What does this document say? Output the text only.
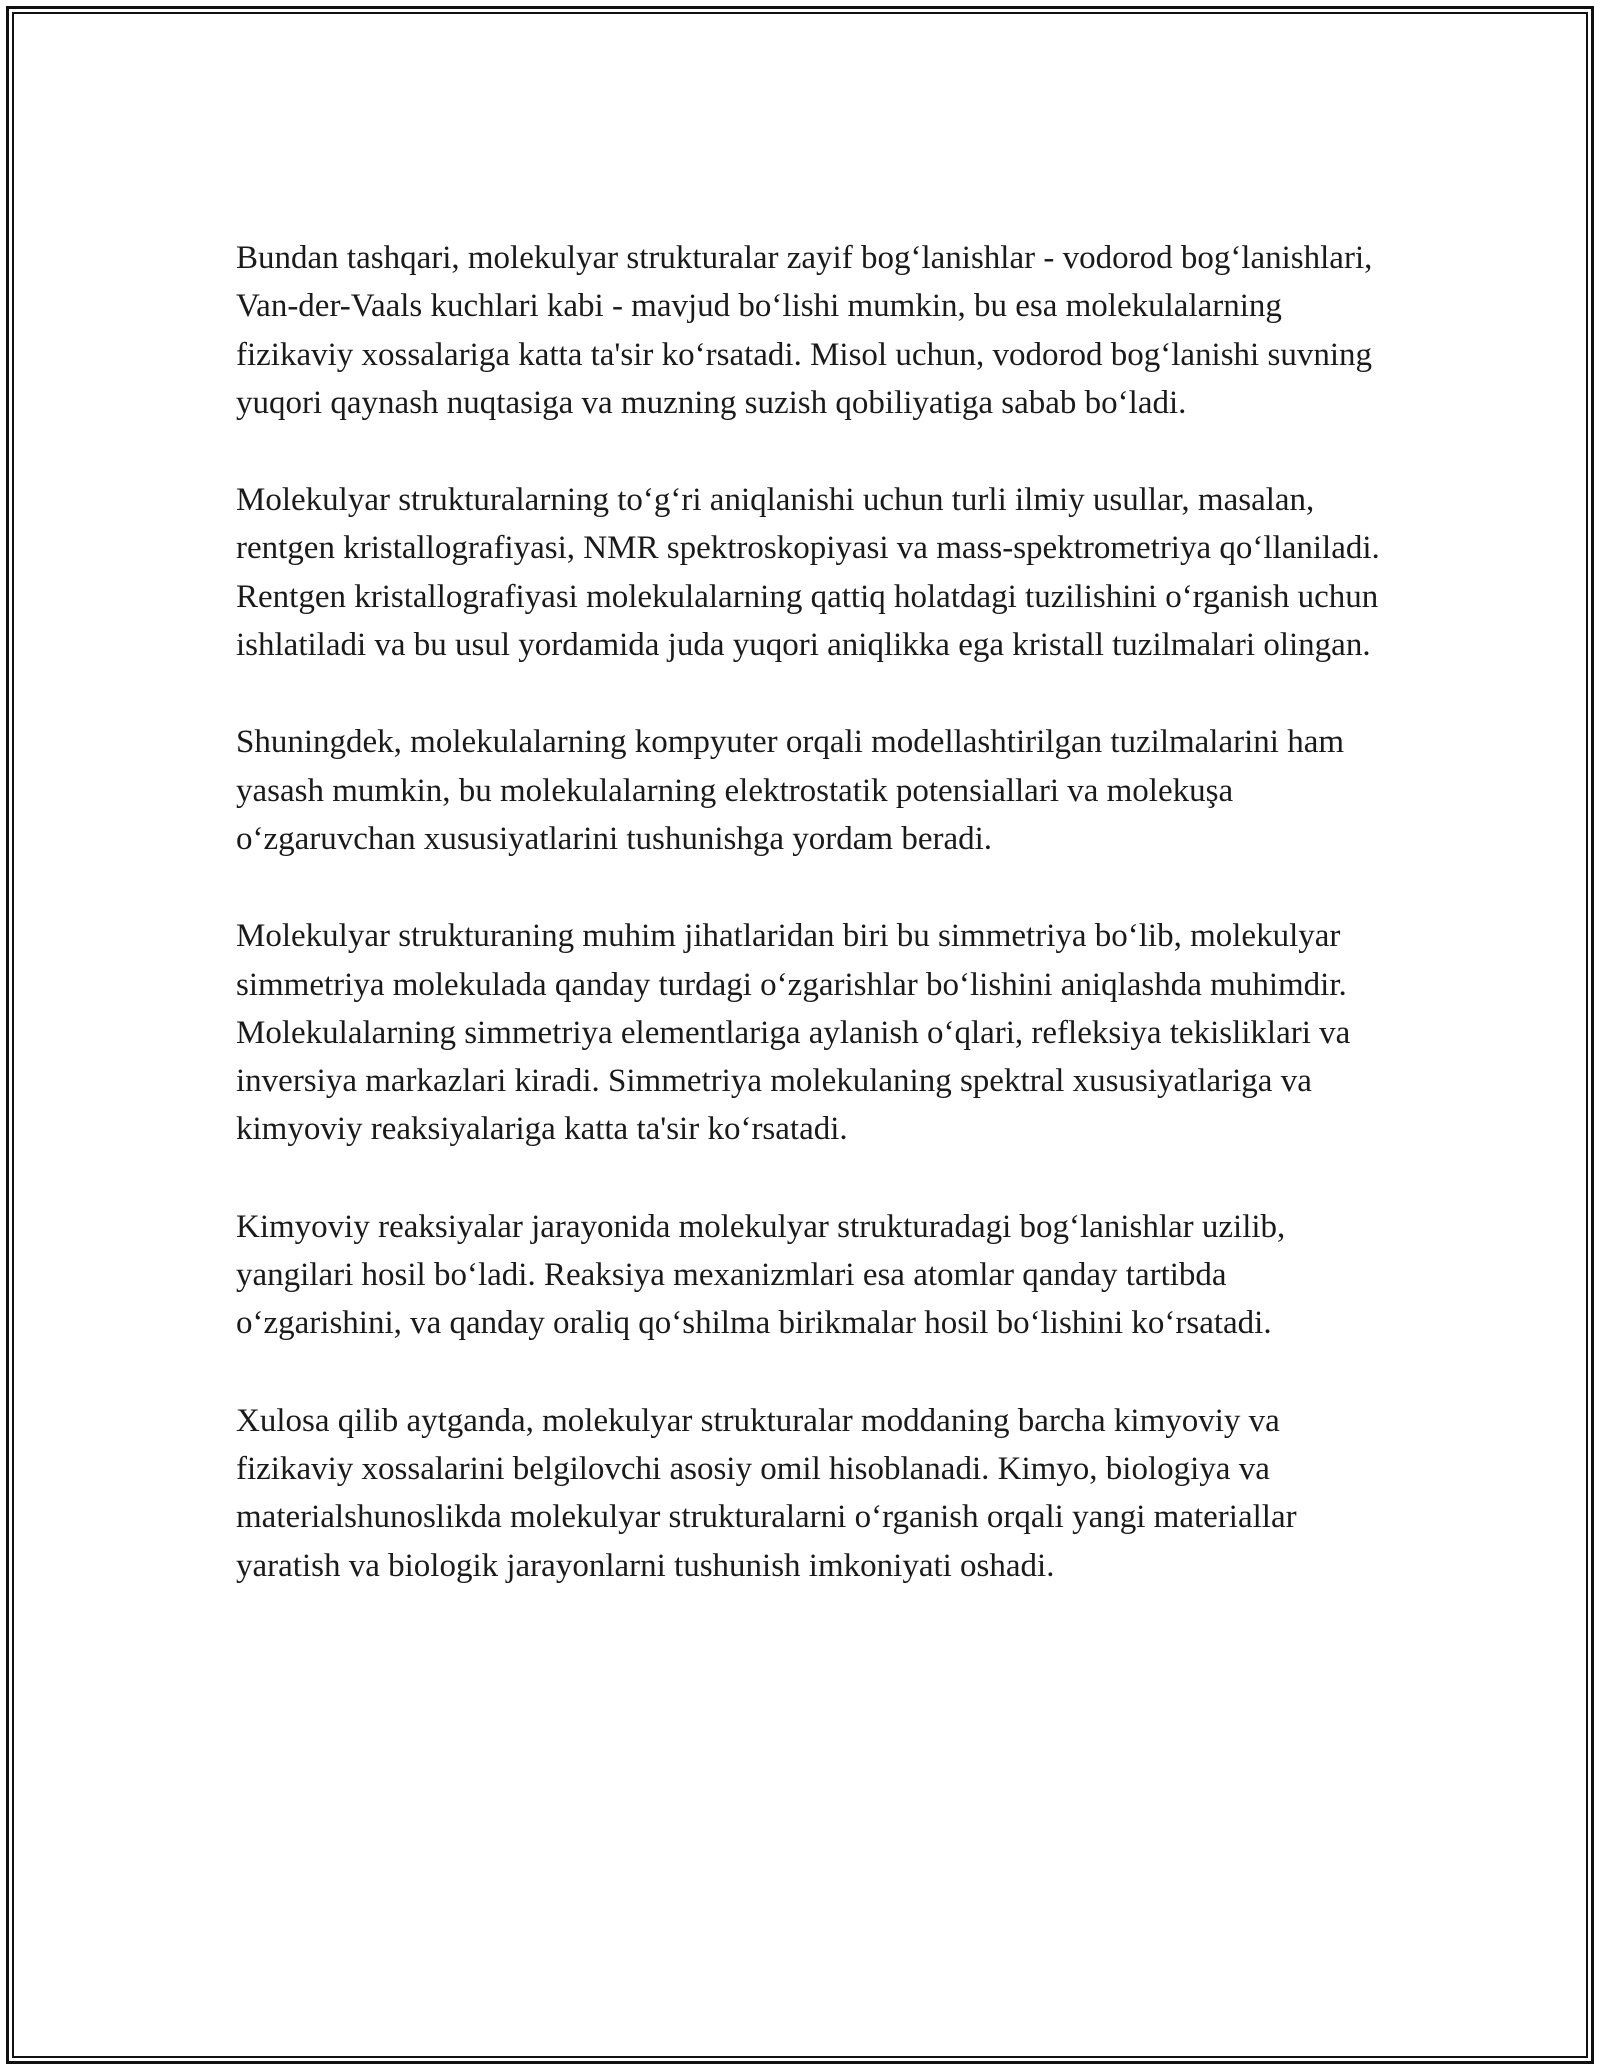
Bundan tashqari, molekulyar strukturalar zayif bog‘lanishlar - vodorod bog‘lanishlari, Van-der-Vaals kuchlari kabi - mavjud bo‘lishi mumkin, bu esa molekulalarning fizikaviy xossalariga katta ta'sir ko‘rsatadi. Misol uchun, vodorod bog‘lanishi suvning yuqori qaynash nuqtasiga va muzning suzish qobiliyatiga sabab bo‘ladi.

Molekulyar strukturalarning to‘g‘ri aniqlanishi uchun turli ilmiy usullar, masalan, rentgen kristallografiyasi, NMR spektroskopiyasi va mass-spektrometriya qo‘llaniladi. Rentgen kristallografiyasi molekulalarning qattiq holatdagi tuzilishini o‘rganish uchun ishlatiladi va bu usul yordamida juda yuqori aniqlikka ega kristall tuzilmalari olingan.

Shuningdek, molekulalarning kompyuter orqali modellashtirilgan tuzilmalarini ham yasash mumkin, bu molekulalarning elektrostatik potensiallari va molekuşa o‘zgaruvchan xususiyatlarini tushunishga yordam beradi.

Molekulyar strukturaning muhim jihatlaridan biri bu simmetriya bo‘lib, molekulyar simmetriya molekulada qanday turdagi o‘zgarishlar bo‘lishini aniqlashda muhimdir. Molekulalarning simmetriya elementlariga aylanish o‘qlari, refleksiya tekisliklari va inversiya markazlari kiradi. Simmetriya molekulaning spektral xususiyatlariga va kimyoviy reaksiyalariga katta ta'sir ko‘rsatadi.

Kimyoviy reaksiyalar jarayonida molekulyar strukturadagi bog‘lanishlar uzilib, yangilari hosil bo‘ladi. Reaksiya mexanizmlari esa atomlar qanday tartibda o‘zgarishini, va qanday oraliq qo‘shilma birikmalar hosil bo‘lishini ko‘rsatadi.

Xulosa qilib aytganda, molekulyar strukturalar moddaning barcha kimyoviy va fizikaviy xossalarini belgilovchi asosiy omil hisoblanadi. Kimyo, biologiya va materialshunoslikda molekulyar strukturalarni o‘rganish orqali yangi materiallar yaratish va biologik jarayonlarni tushunish imkoniyati oshadi.
